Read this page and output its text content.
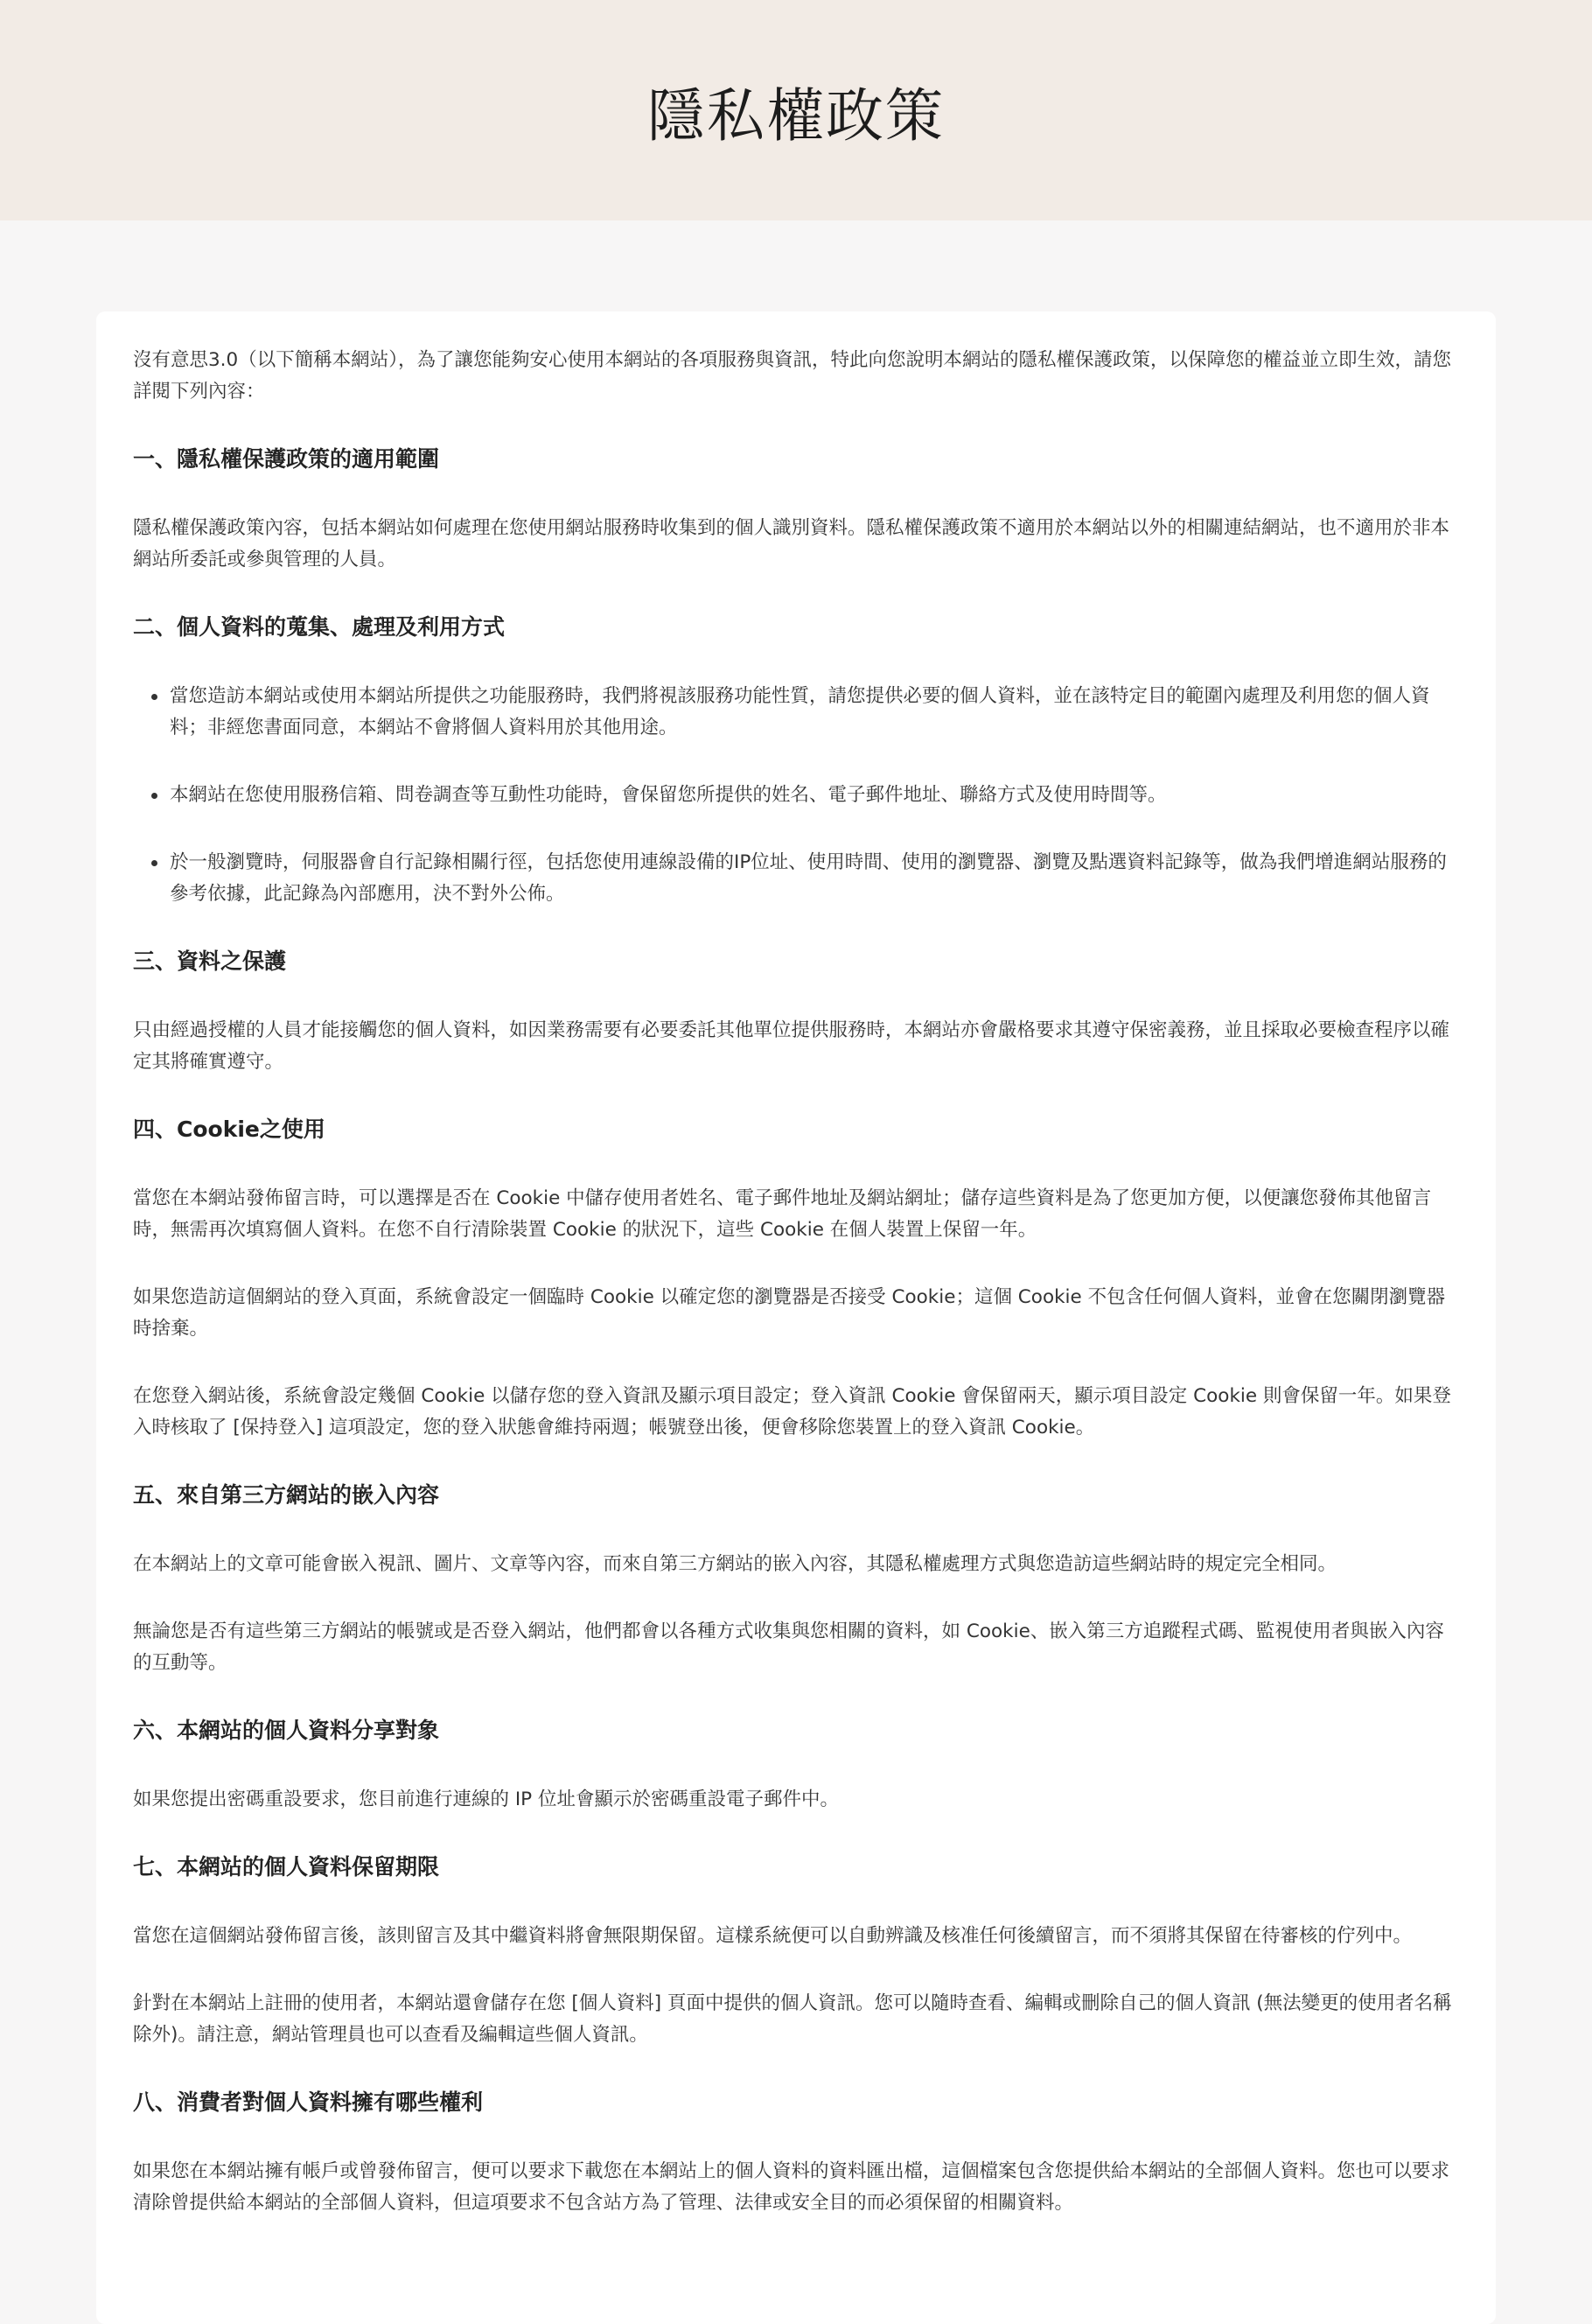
隱私權政策

沒有意思3.0（以下簡稱本網站），為了讓您能夠安心使用本網站的各項服務與資訊，特此向您說明本網站的隱私權保護政策，以保障您的權益並立即生效，請您詳閱下列內容：

一、隱私權保護政策的適用範圍

隱私權保護政策內容，包括本網站如何處理在您使用網站服務時收集到的個人識別資料。隱私權保護政策不適用於本網站以外的相關連結網站，也不適用於非本網站所委託或參與管理的人員。

二、個人資料的蒐集、處理及利用方式
當您造訪本網站或使用本網站所提供之功能服務時，我們將視該服務功能性質，請您提供必要的個人資料，並在該特定目的範圍內處理及利用您的個人資料；非經您書面同意，本網站不會將個人資料用於其他用途。
本網站在您使用服務信箱、問卷調查等互動性功能時，會保留您所提供的姓名、電子郵件地址、聯絡方式及使用時間等。
於一般瀏覽時，伺服器會自行記錄相關行徑，包括您使用連線設備的IP位址、使用時間、使用的瀏覽器、瀏覽及點選資料記錄等，做為我們增進網站服務的參考依據，此記錄為內部應用，決不對外公佈。
三、資料之保護

只由經過授權的人員才能接觸您的個人資料，如因業務需要有必要委託其他單位提供服務時，本網站亦會嚴格要求其遵守保密義務，並且採取必要檢查程序以確定其將確實遵守。

四、Cookie之使用

當您在本網站發佈留言時，可以選擇是否在 Cookie 中儲存使用者姓名、電子郵件地址及網站網址；儲存這些資料是為了您更加方便，以便讓您發佈其他留言時，無需再次填寫個人資料。在您不自行清除裝置 Cookie 的狀況下，這些 Cookie 在個人裝置上保留一年。

如果您造訪這個網站的登入頁面，系統會設定一個臨時 Cookie 以確定您的瀏覽器是否接受 Cookie；這個 Cookie 不包含任何個人資料，並會在您關閉瀏覽器時捨棄。

在您登入網站後，系統會設定幾個 Cookie 以儲存您的登入資訊及顯示項目設定；登入資訊 Cookie 會保留兩天，顯示項目設定 Cookie 則會保留一年。如果登入時核取了 [保持登入] 這項設定，您的登入狀態會維持兩週；帳號登出後，便會移除您裝置上的登入資訊 Cookie。

五、來自第三方網站的嵌入內容

在本網站上的文章可能會嵌入視訊、圖片、文章等內容，而來自第三方網站的嵌入內容，其隱私權處理方式與您造訪這些網站時的規定完全相同。

無論您是否有這些第三方網站的帳號或是否登入網站，他們都會以各種方式收集與您相關的資料，如 Cookie、嵌入第三方追蹤程式碼、監視使用者與嵌入內容的互動等。

六、本網站的個人資料分享對象

如果您提出密碼重設要求，您目前進行連線的 IP 位址會顯示於密碼重設電子郵件中。

七、本網站的個人資料保留期限

當您在這個網站發佈留言後，該則留言及其中繼資料將會無限期保留。這樣系統便可以自動辨識及核准任何後續留言，而不須將其保留在待審核的佇列中。

針對在本網站上註冊的使用者，本網站還會儲存在您 [個人資料] 頁面中提供的個人資訊。您可以隨時查看、編輯或刪除自己的個人資訊 (無法變更的使用者名稱除外)。請注意，網站管理員也可以查看及編輯這些個人資訊。

八、消費者對個人資料擁有哪些權利

如果您在本網站擁有帳戶或曾發佈留言，便可以要求下載您在本網站上的個人資料的資料匯出檔，這個檔案包含您提供給本網站的全部個人資料。您也可以要求清除曾提供給本網站的全部個人資料，但這項要求不包含站方為了管理、法律或安全目的而必須保留的相關資料。
